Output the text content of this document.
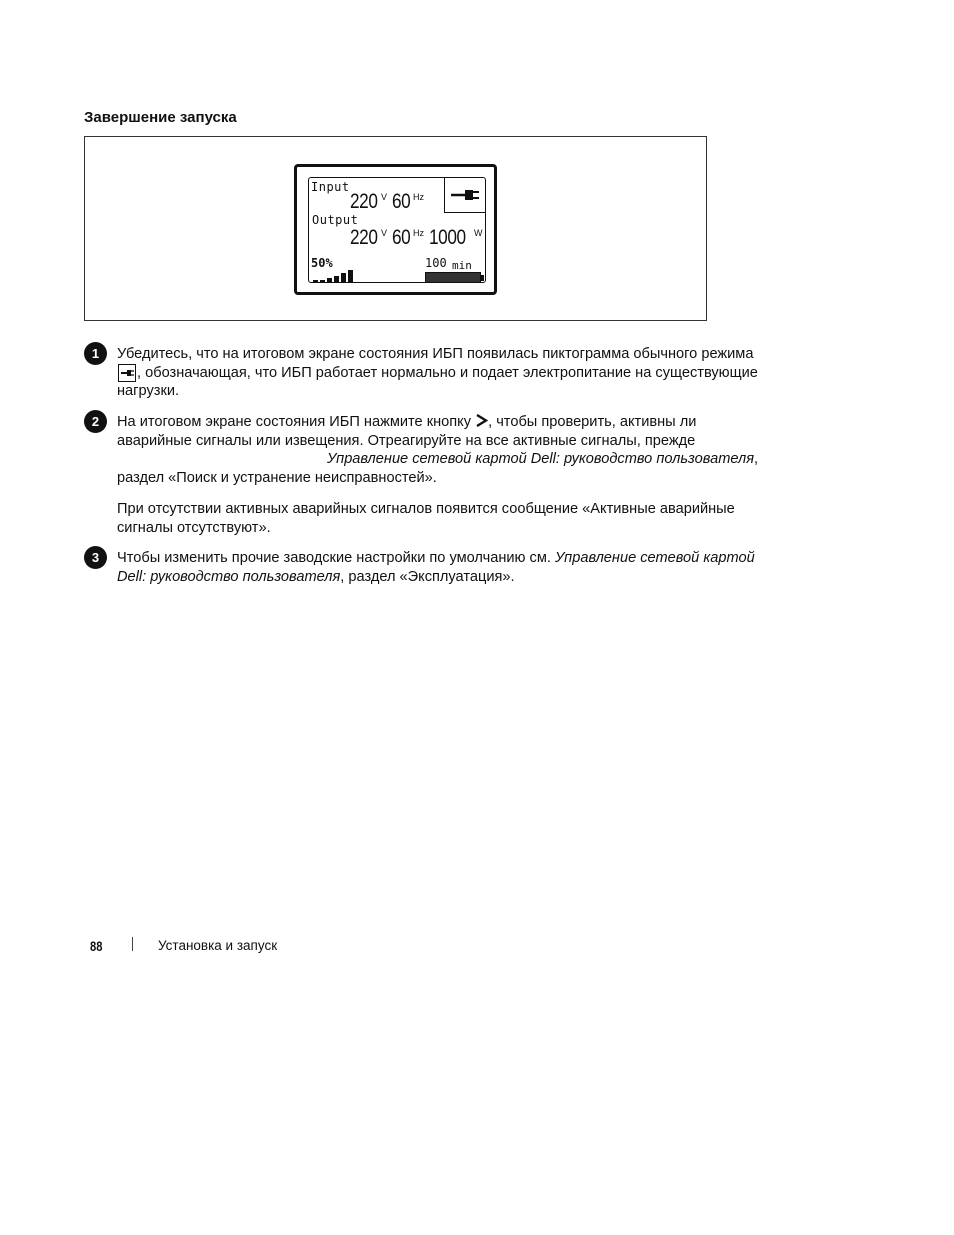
Завершение запуска
Input
220 V 60 Hz
Output
220 V 60 Hz 1000 W
50%	100 min
1	Убедитесь, что на итоговом экране состояния ИБП появилась пиктограмма обычного режима , обозначающая, что ИБП работает нормально и подает электропитание на существующие нагрузки.

2	На итоговом экране состояния ИБП нажмите кнопку , чтобы проверить, активны ли аварийные сигналы или извещения. Отреагируйте на все активные сигналы, прежде Управление сетевой картой Dell: руководство пользователя, раздел «Поиск и устранение неисправностей».

При отсутствии активных аварийных сигналов появится сообщение «Активные аварийные сигналы отсутствуют».

3	Чтобы изменить прочие заводские настройки по умолчанию см. Управление сетевой картой Dell: руководство пользователя, раздел «Эксплуатация».

88	Установка и запуск
